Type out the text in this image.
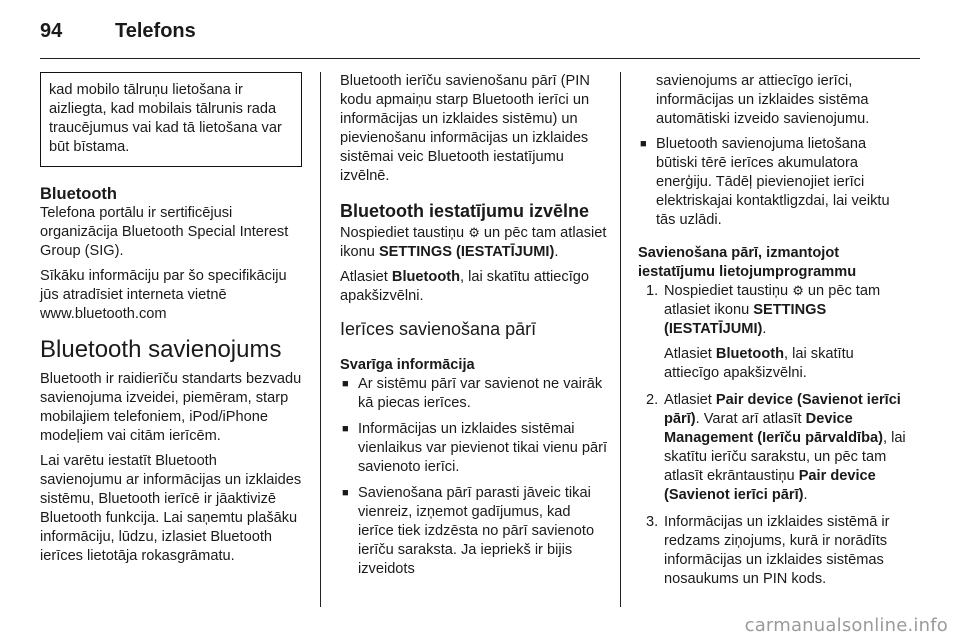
94	Telefons
kad mobilo tālruņu lietošana ir aizliegta, kad mobilais tālrunis rada traucējumus vai kad tā lietošana var būt bīstama.
Bluetooth

Telefona portālu ir sertificējusi organizācija Bluetooth Special Interest Group (SIG).

Sīkāku informāciju par šo specifikāciju jūs atradīsiet interneta vietnē www.bluetooth.com

Bluetooth savienojums

Bluetooth ir raidierīču standarts bezvadu savienojuma izveidei, piemēram, starp mobilajiem telefoniem, iPod/iPhone modeļiem vai citām ierīcēm.

Lai varētu iestatīt Bluetooth savienojumu ar informācijas un izklaides sistēmu, Bluetooth ierīcē ir jāaktivizē Bluetooth funkcija. Lai saņemtu plašāku informāciju, lūdzu, izlasiet Bluetooth ierīces lietotāja rokasgrāmatu.

Bluetooth ierīču savienošanu pārī (PIN kodu apmaiņu starp Bluetooth ierīci un informācijas un izklaides sistēmu) un pievienošanu informācijas un izklaides sistēmai veic Bluetooth iestatījumu izvēlnē.

Bluetooth iestatījumu izvēlne

Nospiediet taustiņu ⚙ un pēc tam atlasiet ikonu SETTINGS (IESTATĪJUMI).

Atlasiet Bluetooth, lai skatītu attiecīgo apakšizvēlni.

Ierīces savienošana pārī
Svarīga informācija
■ Ar sistēmu pārī var savienot ne vairāk kā piecas ierīces.
■ Informācijas un izklaides sistēmai vienlaikus var pievienot tikai vienu pārī savienoto ierīci.
■ Savienošana pārī parasti jāveic tikai vienreiz, izņemot gadījumus, kad ierīce tiek izdzēsta no pārī savienoto ierīču saraksta. Ja iepriekš ir bijis izveidots

savienojums ar attiecīgo ierīci, informācijas un izklaides sistēma automātiski izveido savienojumu.

■ Bluetooth savienojuma lietošana būtiski tērē ierīces akumulatora enerģiju. Tādēļ pievienojiet ierīci elektriskajai kontaktligzdai, lai veiktu tās uzlādi.
Savienošana pārī, izmantojot iestatījumu lietojumprogrammu
1. Nospiediet taustiņu ⚙ un pēc tam atlasiet ikonu SETTINGS (IESTATĪJUMI).

Atlasiet Bluetooth, lai skatītu attiecīgo apakšizvēlni.

2. Atlasiet Pair device (Savienot ierīci pārī). Varat arī atlasīt Device Management (Ierīču pārvaldība), lai skatītu ierīču sarakstu, un pēc tam atlasīt ekrāntaustiņu Pair device (Savienot ierīci pārī).

3. Informācijas un izklaides sistēmā ir redzams ziņojums, kurā ir norādīts informācijas un izklaides sistēmas nosaukums un PIN kods.

carmanualsonline.info
